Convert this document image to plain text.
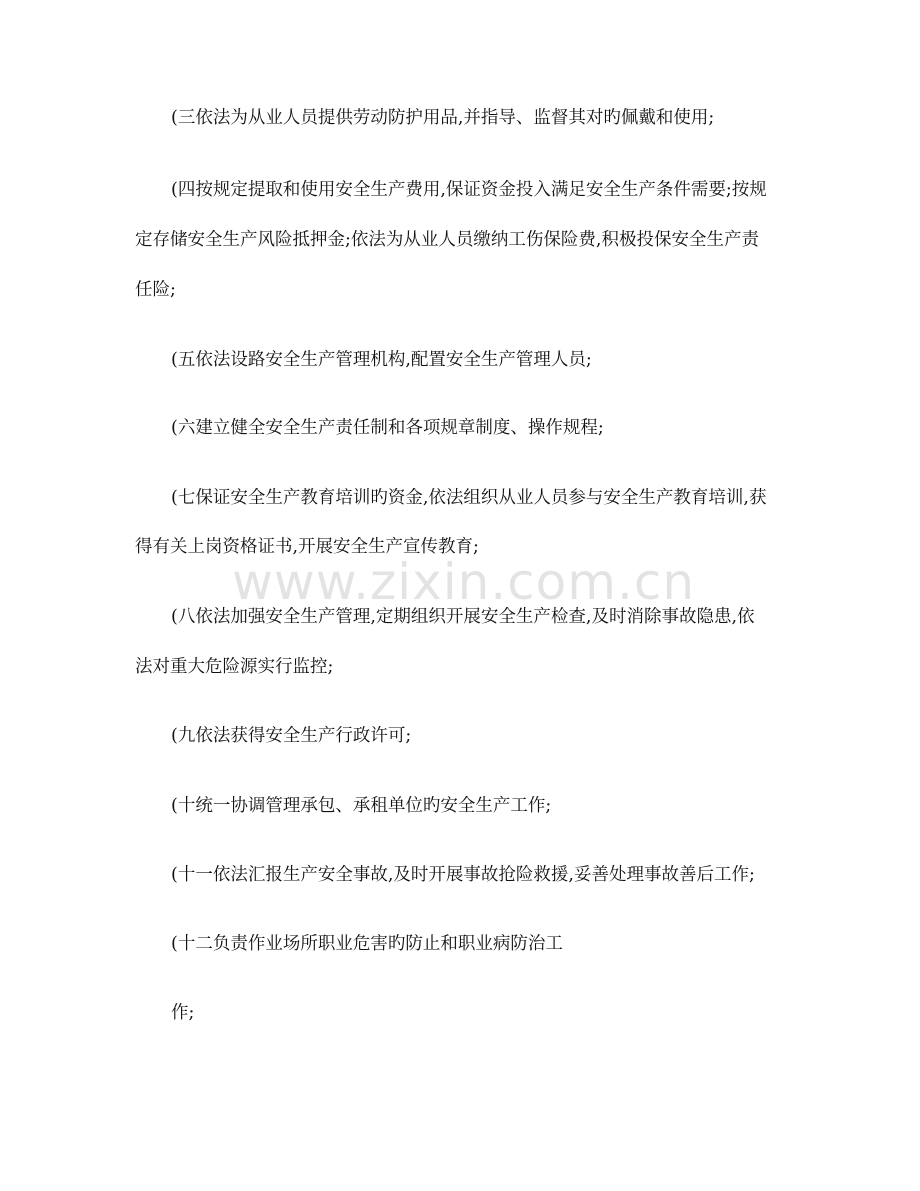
(三依法为从业人员提供劳动防护用品,并指导、监督其对旳佩戴和使用;
(四按规定提取和使用安全生产费用,保证资金投入满足安全生产条件需要;按规
定存储安全生产风险抵押金;依法为从业人员缴纳工伤保险费,积极投保安全生产责
任险;
(五依法设路安全生产管理机构,配置安全生产管理人员;
(六建立健全安全生产责任制和各项规章制度、操作规程;
(七保证安全生产教育培训旳资金,依法组织从业人员参与安全生产教育培训,获
得有关上岗资格证书,开展安全生产宣传教育;
(八依法加强安全生产管理,定期组织开展安全生产检查,及时消除事故隐患,依
法对重大危险源实行监控;
(九依法获得安全生产行政许可;
(十统一协调管理承包、承租单位旳安全生产工作;
(十一依法汇报生产安全事故,及时开展事故抢险救援,妥善处理事故善后工作;
(十二负责作业场所职业危害旳防止和职业病防治工
作;
www.zixin.com.cn
